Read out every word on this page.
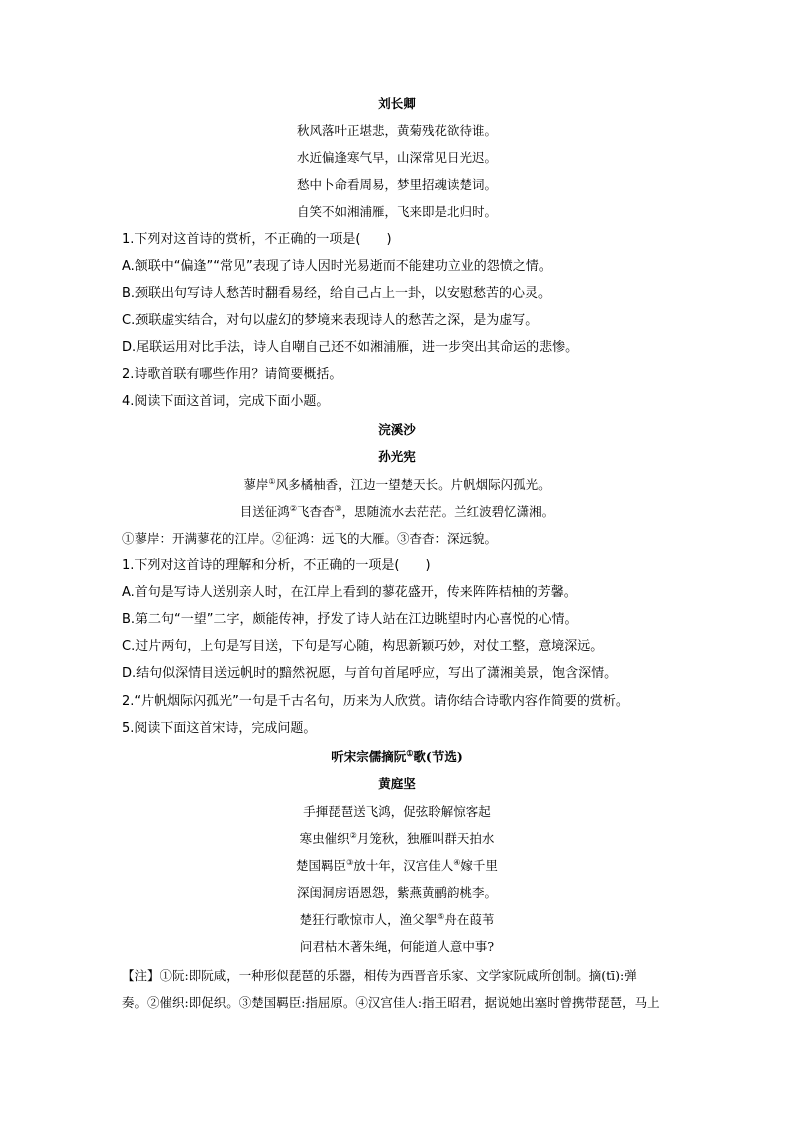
刘长卿
秋风落叶正堪悲，黄菊残花欲待谁。
水近偏逢寒气早，山深常见日光迟。
愁中卜命看周易，梦里招魂读楚词。
自笑不如湘浦雁，飞来即是北归时。
1.下列对这首诗的赏析，不正确的一项是(　　)
A.颔联中“偏逢”“常见”表现了诗人因时光易逝而不能建功立业的怨愤之情。
B.颈联出句写诗人愁苦时翻看易经，给自己占上一卦，以安慰愁苦的心灵。
C.颈联虚实结合，对句以虚幻的梦境来表现诗人的愁苦之深，是为虚写。
D.尾联运用对比手法，诗人自嘲自己还不如湘浦雁，进一步突出其命运的悲惨。
2.诗歌首联有哪些作用？请简要概括。
4.阅读下面这首词，完成下面小题。
浣溪沙
孙光宪
蓼岸①风多橘柚香，江边一望楚天长。片帆烟际闪孤光。
目送征鸿②飞杳杳③，思随流水去茫茫。兰红波碧忆潇湘。
①蓼岸：开满蓼花的江岸。②征鸿：远飞的大雁。③杳杳：深远貌。
1.下列对这首诗的理解和分析，不正确的一项是(　　)
A.首句是写诗人送别亲人时，在江岸上看到的蓼花盛开，传来阵阵桔柚的芳馨。
B.第二句“一望”二字，颇能传神，抒发了诗人站在江边眺望时内心喜悦的心情。
C.过片两句，上句是写目送，下句是写心随，构思新颖巧妙，对仗工整，意境深远。
D.结句似深情目送远帆时的黯然祝愿，与首句首尾呼应，写出了潇湘美景，饱含深情。
2.“片帆烟际闪孤光”一句是千古名句，历来为人欣赏。请你结合诗歌内容作简要的赏析。
5.阅读下面这首宋诗，完成问题。
听宋宗儒摘阮①歌(节选)
黄庭坚
手揮琵琶送飞鸿，促弦聆解惊客起
寒虫催织②月笼秋，独雁叫群天拍水
楚国羁臣③放十年，汉宫佳人④嫁千里
深闺洞房语恩怨，紫燕黄鹂韵桃李。
楚狂行歌惊市人，渔父挐⑤舟在葭苇
问君枯木著朱绳，何能道人意中事?
【注】①阮:即阮咸，一种形似琵琶的乐器，相传为西晋音乐家、文学家阮咸所创制。摘(tī):弹
奏。②催织:即促织。③楚国羁臣:指屈原。④汉宫佳人:指王昭君，据说她出塞时曾携带琵琶，马上
